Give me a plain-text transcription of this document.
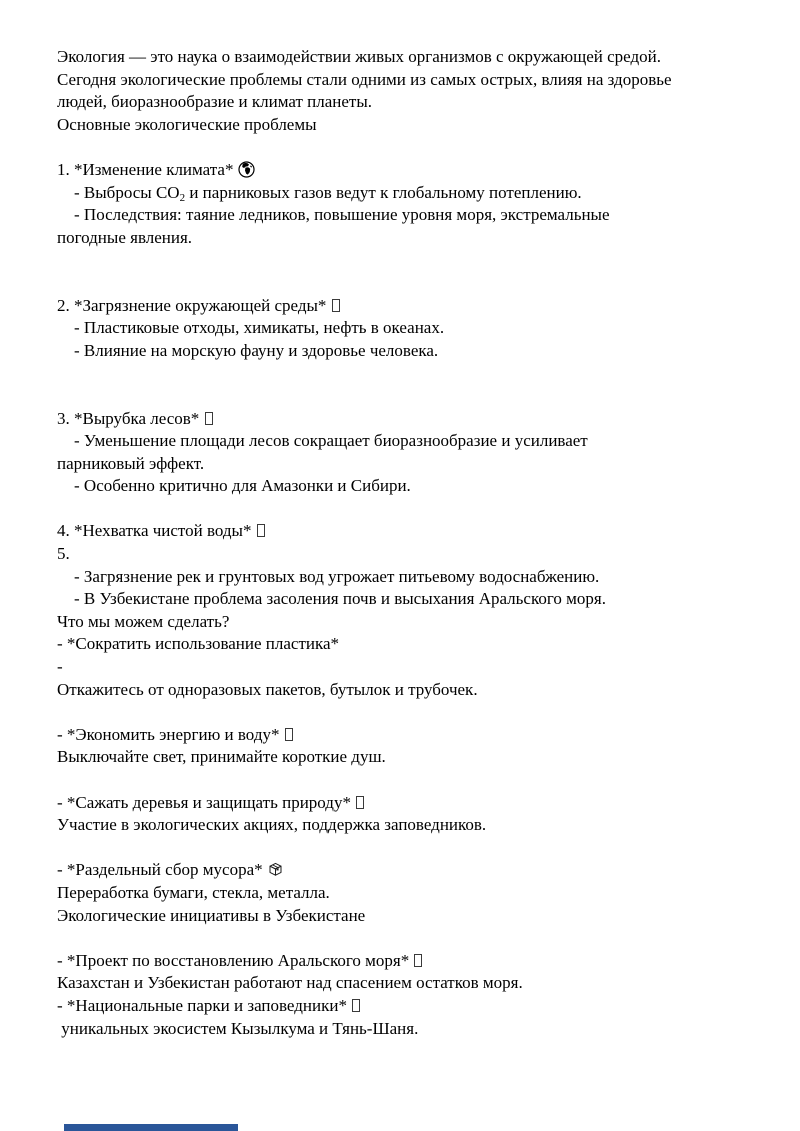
Экология — это наука о взаимодействии живых организмов с окружающей средой.
Сегодня экологические проблемы стали одними из самых острых, влияя на здоровье
людей, биоразнообразие и климат планеты.
Основные экологические проблемы
1. *Изменение климата*
- Выбросы CO2 и парниковых газов ведут к глобальному потеплению.
- Последствия: таяние ледников, повышение уровня моря, экстремальные
погодные явления.
2. *Загрязнение окружающей среды*
- Пластиковые отходы, химикаты, нефть в океанах.
- Влияние на морскую фауну и здоровье человека.
3. *Вырубка лесов*
- Уменьшение площади лесов сокращает биоразнообразие и усиливает
парниковый эффект.
- Особенно критично для Амазонки и Сибири.
4. *Нехватка чистой воды*
5.
- Загрязнение рек и грунтовых вод угрожает питьевому водоснабжению.
- В Узбекистане проблема засоления почв и высыхания Аральского моря.
Что мы можем сделать?
- *Сократить использование пластика*
-
Откажитесь от одноразовых пакетов, бутылок и трубочек.
- *Экономить энергию и воду*
Выключайте свет, принимайте короткие душ.
- *Сажать деревья и защищать природу*
Участие в экологических акциях, поддержка заповедников.
- *Раздельный сбор мусора*
Переработка бумаги, стекла, металла.
Экологические инициативы в Узбекистане
- *Проект по восстановлению Аральского моря*
Казахстан и Узбекистан работают над спасением остатков моря.
- *Национальные парки и заповедники*
уникальных экосистем Кызылкума и Тянь-Шаня.
